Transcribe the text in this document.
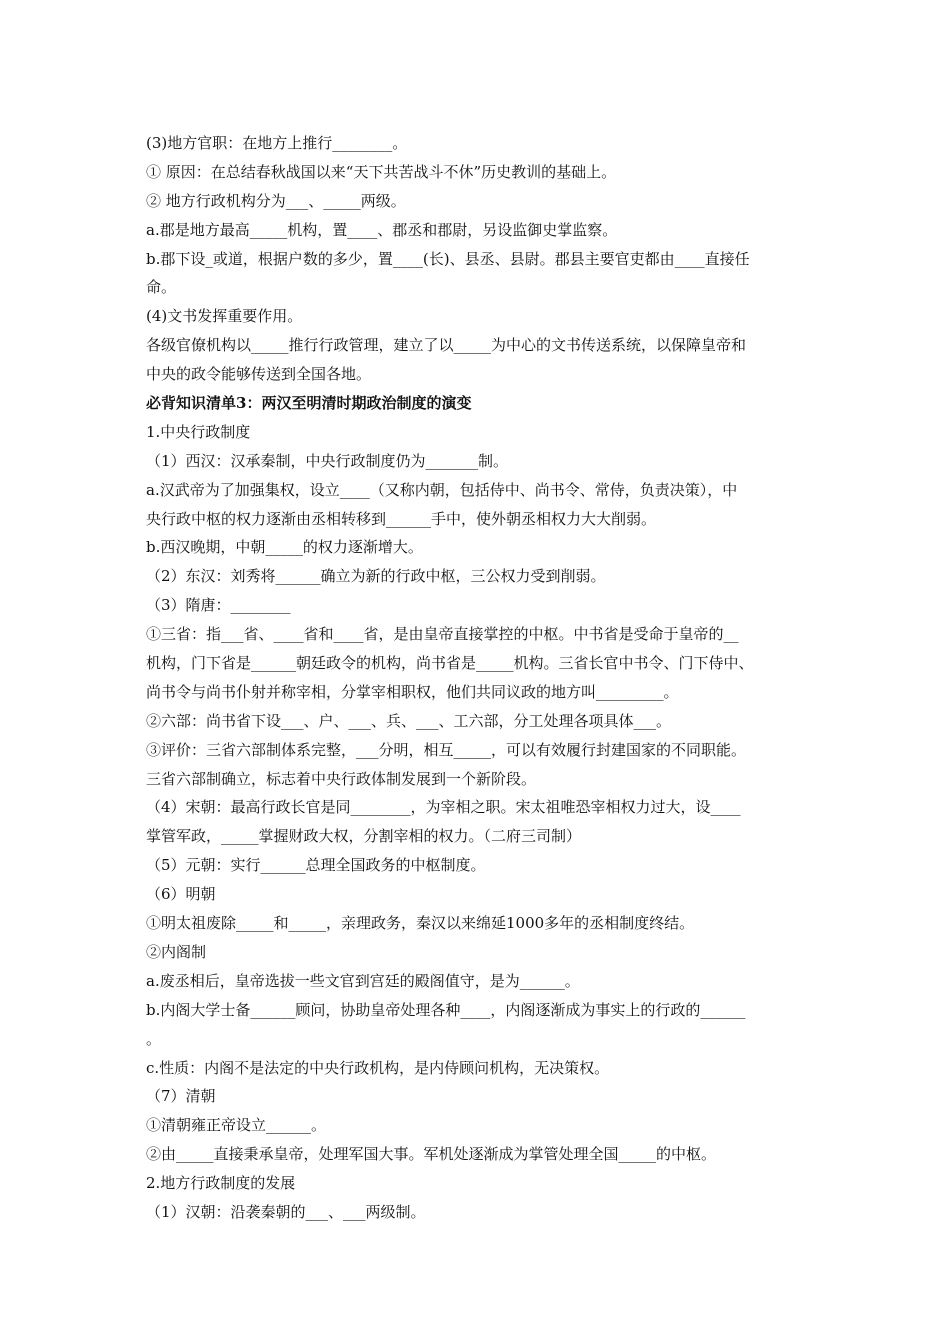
(3)地方官职：在地方上推行________。
① 原因：在总结春秋战国以来“天下共苦战斗不休”历史教训的基础上。
② 地方行政机构分为___、_____两级。
a.郡是地方最高_____机构，置____、郡丞和郡尉，另设监御史掌监察。
b.郡下设_或道，根据户数的多少，置____(长)、县丞、县尉。郡县主要官吏都由____直接任
命。
(4)文书发挥重要作用。
各级官僚机构以_____推行行政管理，建立了以_____为中心的文书传送系统，以保障皇帝和
中央的政令能够传送到全国各地。
必背知识清单3：两汉至明清时期政治制度的演变
1.中央行政制度
（1）西汉：汉承秦制，中央行政制度仍为_______制。
a.汉武帝为了加强集权，设立____（又称内朝，包括侍中、尚书令、常侍，负责决策），中
央行政中枢的权力逐渐由丞相转移到______手中，使外朝丞相权力大大削弱。
b.西汉晚期，中朝_____的权力逐渐增大。
（2）东汉：刘秀将______确立为新的行政中枢，三公权力受到削弱。
（3）隋唐：________
①三省：指___省、____省和____省，是由皇帝直接掌控的中枢。中书省是受命于皇帝的__
机构，门下省是______朝廷政令的机构，尚书省是_____机构。三省长官中书令、门下侍中、
尚书令与尚书仆射并称宰相，分掌宰相职权，他们共同议政的地方叫_________。
②六部：尚书省下设___、户、___、兵、___、工六部，分工处理各项具体___。
③评价：三省六部制体系完整，___分明，相互_____，可以有效履行封建国家的不同职能。
三省六部制确立，标志着中央行政体制发展到一个新阶段。
（4）宋朝：最高行政长官是同________，为宰相之职。宋太祖唯恐宰相权力过大，设____
掌管军政，_____掌握财政大权，分割宰相的权力。（二府三司制）
（5）元朝：实行______总理全国政务的中枢制度。
（6）明朝
①明太祖废除_____和_____，亲理政务，秦汉以来绵延1000多年的丞相制度终结。
②内阁制
a.废丞相后，皇帝选拔一些文官到宫廷的殿阁值守，是为______。
b.内阁大学士备______顾问，协助皇帝处理各种____，内阁逐渐成为事实上的行政的______
。
c.性质：内阁不是法定的中央行政机构，是内侍顾问机构，无决策权。
（7）清朝
①清朝雍正帝设立______。
②由_____直接秉承皇帝，处理军国大事。军机处逐渐成为掌管处理全国_____的中枢。
2.地方行政制度的发展
（1）汉朝：沿袭秦朝的___、___两级制。
